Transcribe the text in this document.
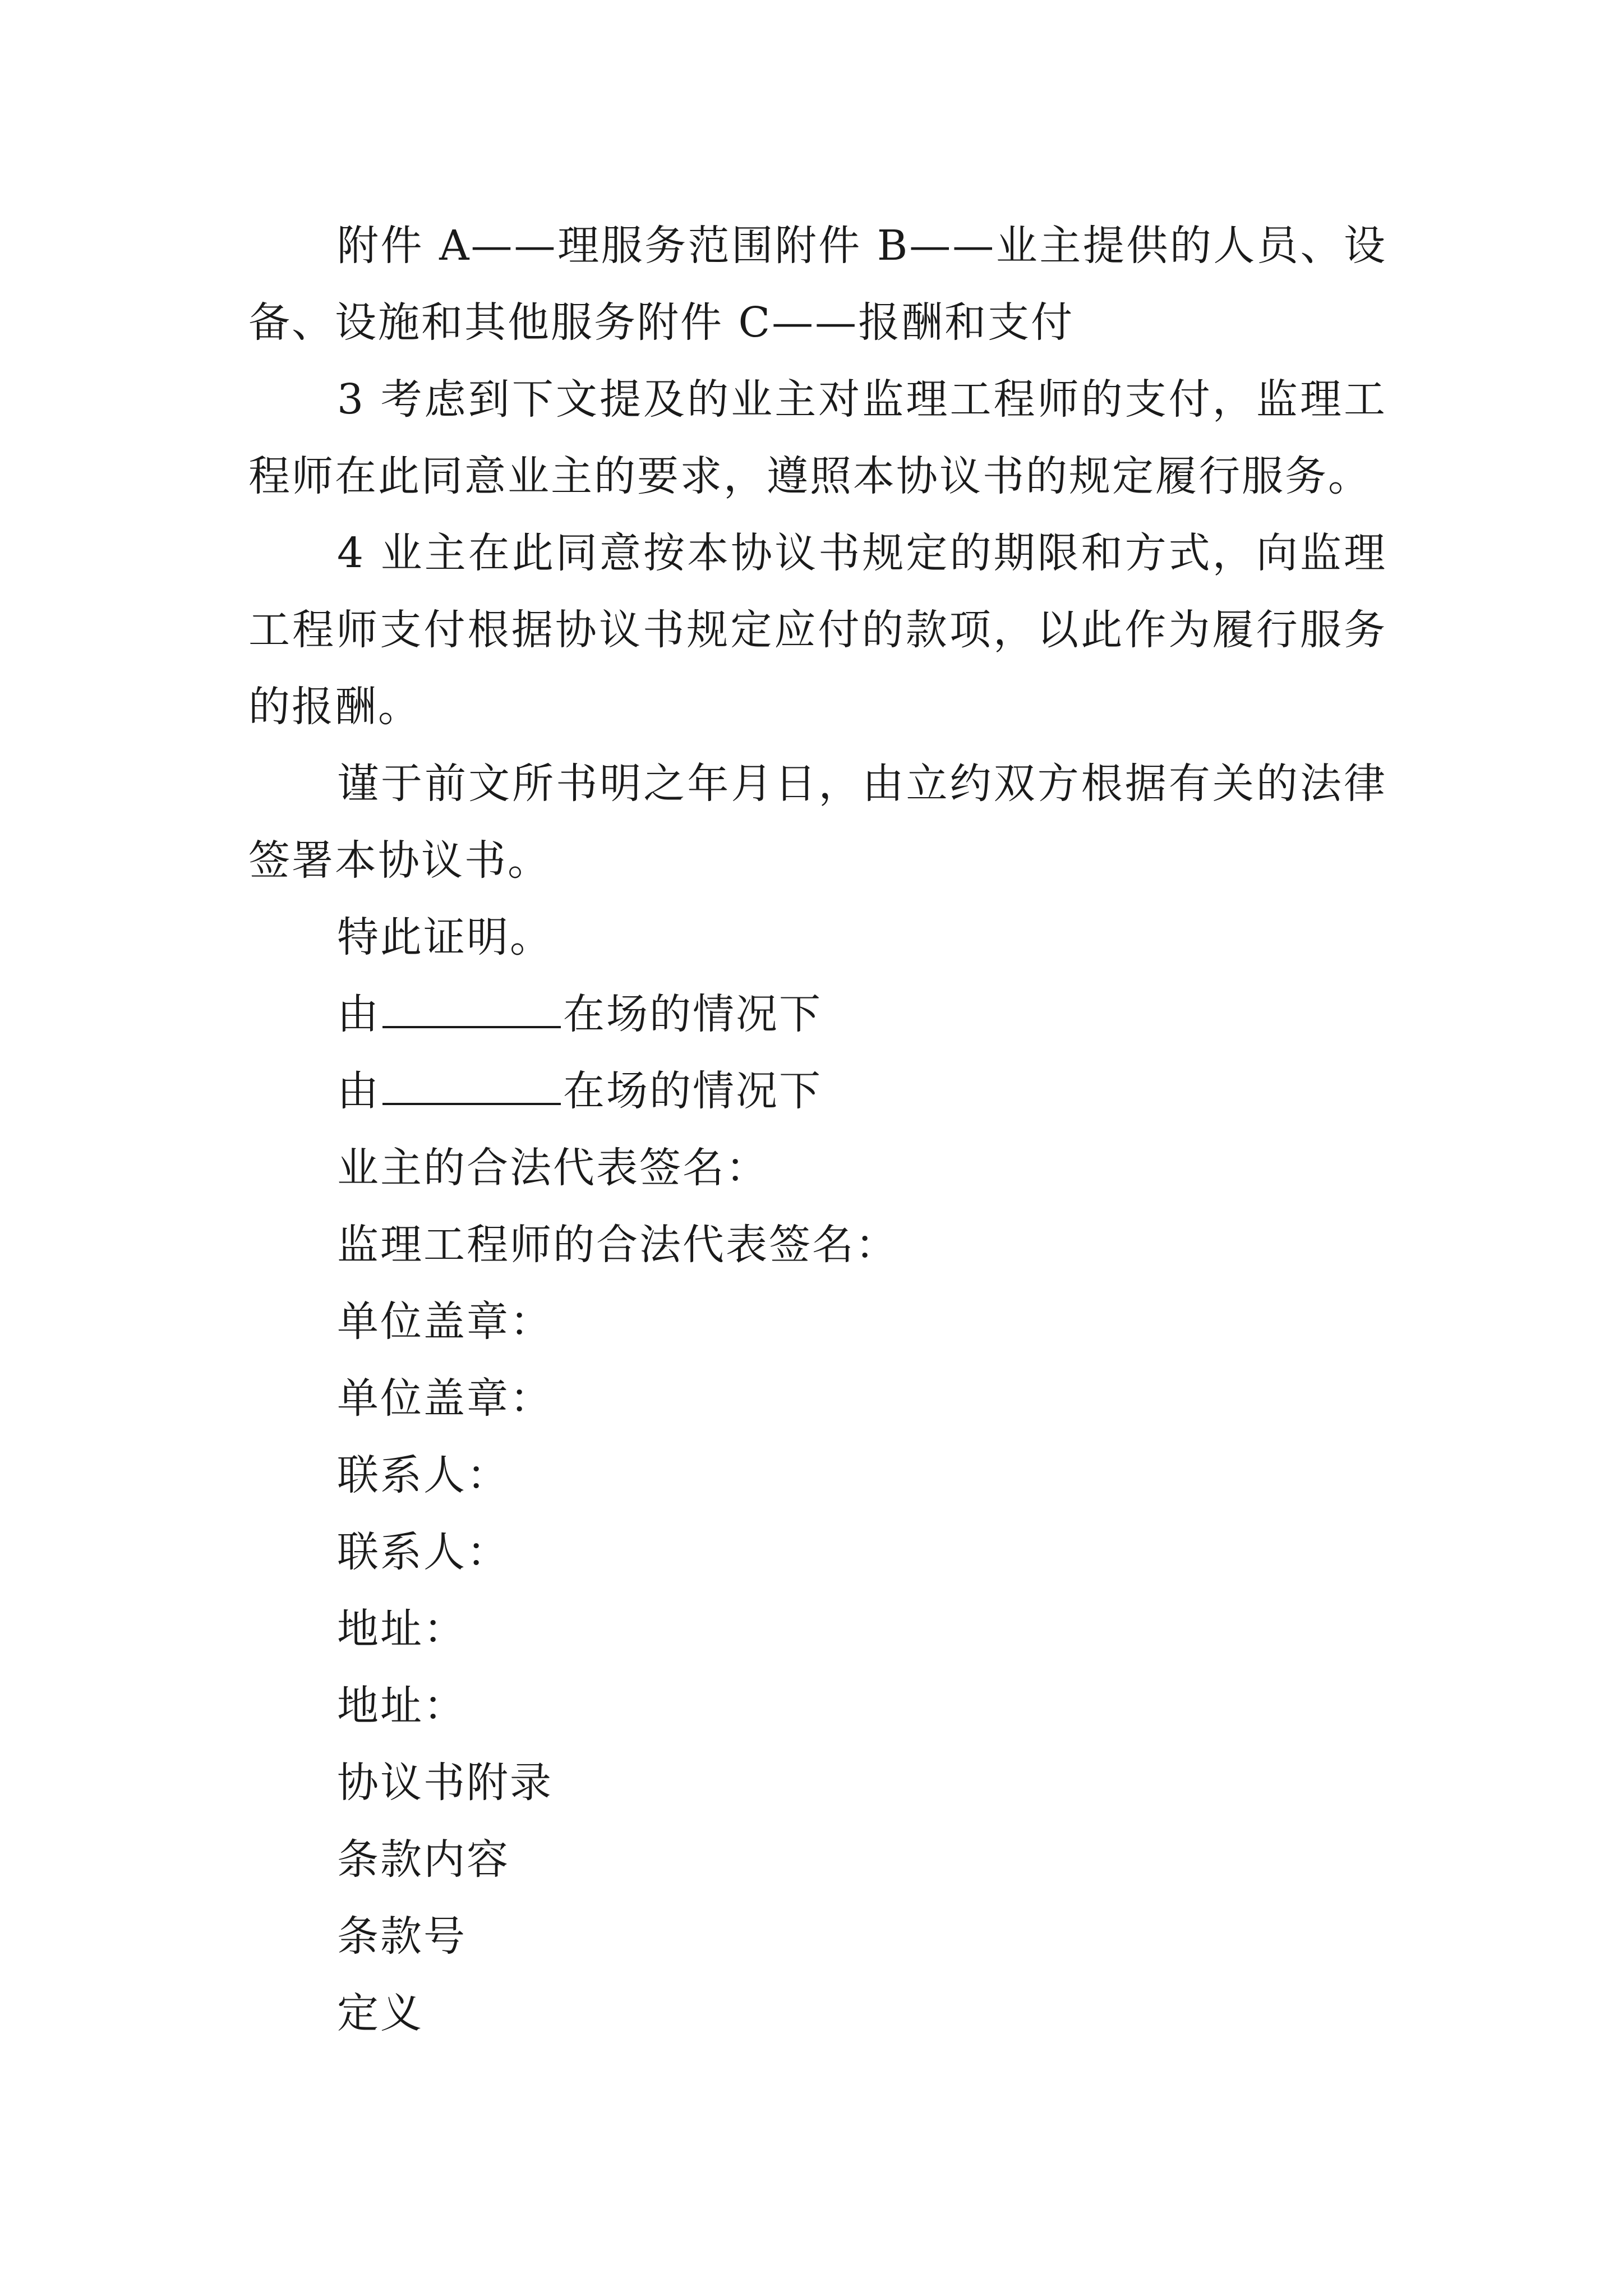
附件 A——理服务范围附件 B——业主提供的人员、设备、设施和其他服务附件 C——报酬和支付

3 考虑到下文提及的业主对监理工程师的支付，监理工程师在此同意业主的要求，遵照本协议书的规定履行服务。

4 业主在此同意按本协议书规定的期限和方式，向监理工程师支付根据协议书规定应付的款项，以此作为履行服务的报酬。

谨于前文所书明之年月日，由立约双方根据有关的法律签署本协议书。

特此证明。

由	在场的情况下

由	在场的情况下

业主的合法代表签名：

监理工程师的合法代表签名：

单位盖章：

单位盖章：

联系人：

联系人：

地址：

地址：

协议书附录

条款内容

条款号

定义
